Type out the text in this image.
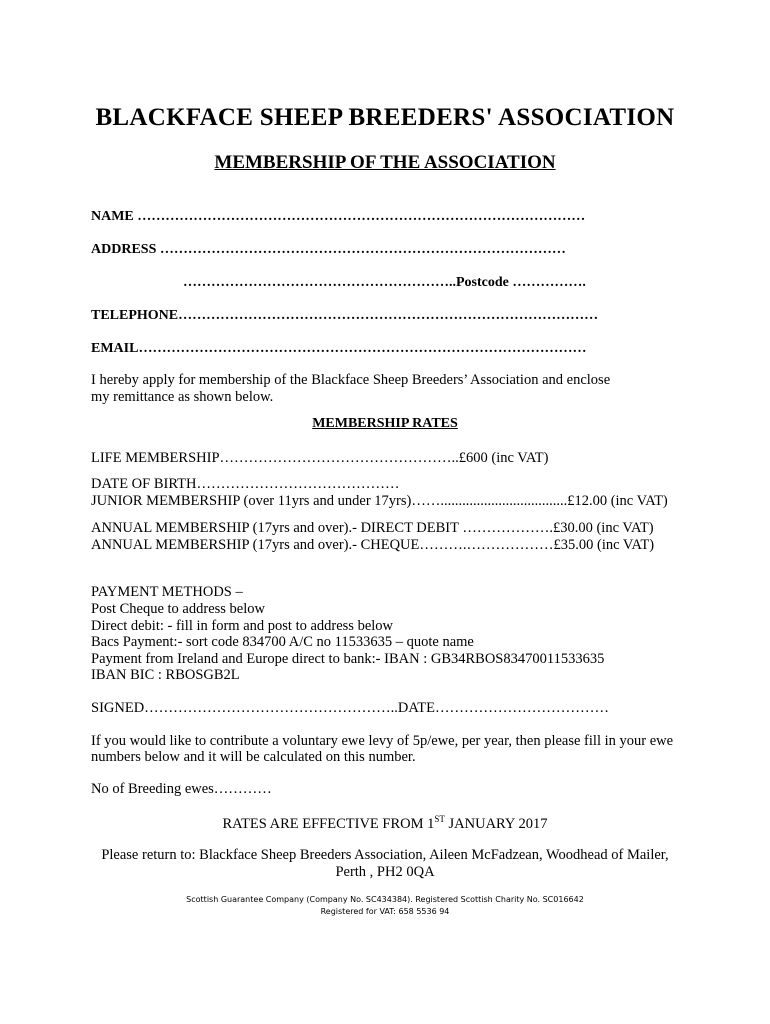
BLACKFACE SHEEP BREEDERS' ASSOCIATION
MEMBERSHIP OF THE ASSOCIATION
NAME ……………………………………………………………………………………
ADDRESS ……………………………………………………………………………
…………………………………………………..Postcode …………….
TELEPHONE………………………………………………………………………………
EMAIL……………………………………………………………………………………
I hereby apply for membership of the Blackface Sheep Breeders’ Association and enclose
my remittance as shown below.
MEMBERSHIP RATES
LIFE MEMBERSHIP…………………………………………..£600 (inc VAT)
DATE OF BIRTH……………………………………
JUNIOR MEMBERSHIP (over 11yrs and under 17yrs)……...................................£12.00 (inc VAT)
ANNUAL MEMBERSHIP (17yrs and over).- DIRECT DEBIT ……………….£30.00 (inc VAT)
ANNUAL MEMBERSHIP (17yrs and over).- CHEQUE……….………………£35.00 (inc VAT)
PAYMENT METHODS –
Post Cheque to address below
Direct debit: - fill in form and post to address below
Bacs Payment:- sort code 834700 A/C no 11533635 – quote name
Payment from Ireland and Europe direct to bank:- IBAN : GB34RBOS83470011533635
IBAN BIC : RBOSGB2L
SIGNED……………………………………………..DATE………………………………
If you would like to contribute a voluntary ewe levy of 5p/ewe, per year, then please fill in your ewe
numbers below and it will be calculated on this number.
No of Breeding ewes…………
RATES ARE EFFECTIVE FROM 1ST JANUARY 2017
Please return to: Blackface Sheep Breeders Association, Aileen McFadzean, Woodhead of Mailer,
Perth , PH2 0QA
Scottish Guarantee Company (Company No. SC434384). Registered Scottish Charity No. SC016642
Registered for VAT: 658 5536 94
